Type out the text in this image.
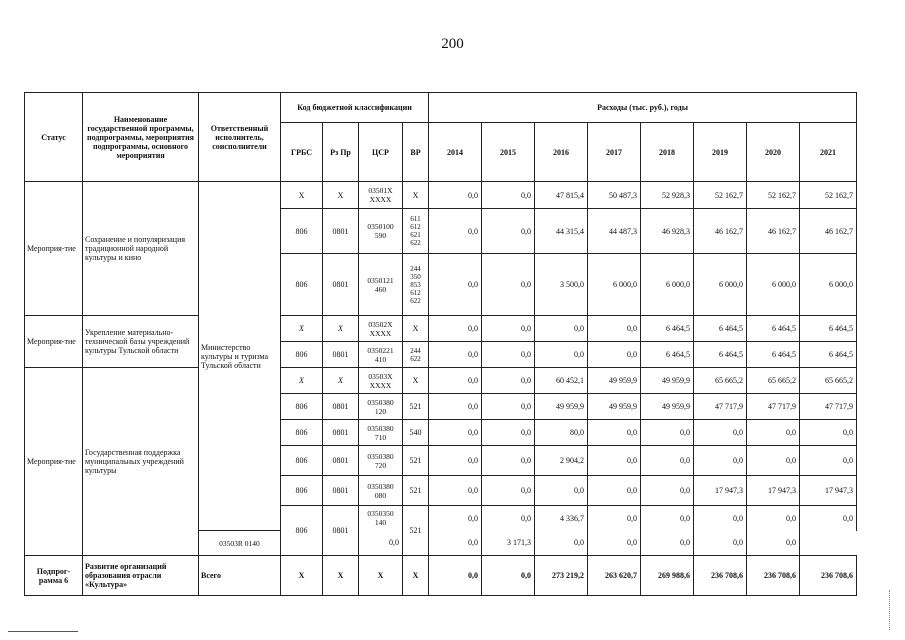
200
Статус	Наименование государственной программы, подпрограммы, мероприятия подпрограммы, основного мероприятия	Ответственный исполнитель, соисполнители	Код бюджетной классификации				Расходы (тыс. руб.), годы							
			ГРБС	Рз Пр	ЦСР	ВР	2014	2015	2016	2017	2018	2019	2020	2021
Мероприя-тие	Сохранение и популяризация традиционной народной культуры и кино	Министерство культуры и туризма Тульской области	X	X	03501X XXXX	X	0,0	0,0	47 815,4	50 487,3	52 928,3	52 162,7	52 162,7	52 162,7
			806	0801	0350100 590	611 612 621 622	0,0	0,0	44 315,4	44 487,3	46 928,3	46 162,7	46 162,7	46 162,7
			806	0801	0350121 460	244 350 853 612 622	0,0	0,0	3 500,0	6 000,0	6 000,0	6 000,0	6 000,0	6 000,0
Мероприя-тие	Укрепление материально-технической базы учреждений культуры Тульской области		X	X	03502X XXXX	X	0,0	0,0	0,0	0,0	6 464,5	6 464,5	6 464,5	6 464,5
			806	0801	0350221 410	244 622	0,0	0,0	0,0	0,0	6 464,5	6 464,5	6 464,5	6 464,5
Мероприя-тие	Государственная поддержка муниципальных учреждений культуры		X	X	03503X XXXX	X	0,0	0,0	60 452,1	49 959,9	49 959,9	65 665,2	65 665,2	65 665,2
			806	0801	0350380 120	521	0,0	0,0	49 959,9	49 959,9	49 959,9	47 717,9	47 717,9	47 717,9
			806	0801	0350380 710	540	0,0	0,0	80,0	0,0	0,0	0,0	0,0	0,0
			806	0801	0350380 720	521	0,0	0,0	2 904,2	0,0	0,0	0,0	0,0	0,0
			806	0801	0350380 080	521	0,0	0,0	0,0	0,0	0,0	17 947,3	17 947,3	17 947,3
			806	0801	0350350 140	521	0,0	0,0	4 336,7	0,0	0,0	0,0	0,0	0,0
		03503R 0140			0,0		0,0	3 171,3	0,0	0,0	0,0	0,0	0,0	
Подпрог-рамма 6	Развитие организаций образования отрасли «Культура»	Всего	X	X	X	X	0,0	0,0	273 219,2	263 620,7	269 988,6	236 708,6	236 708,6	236 708,6
